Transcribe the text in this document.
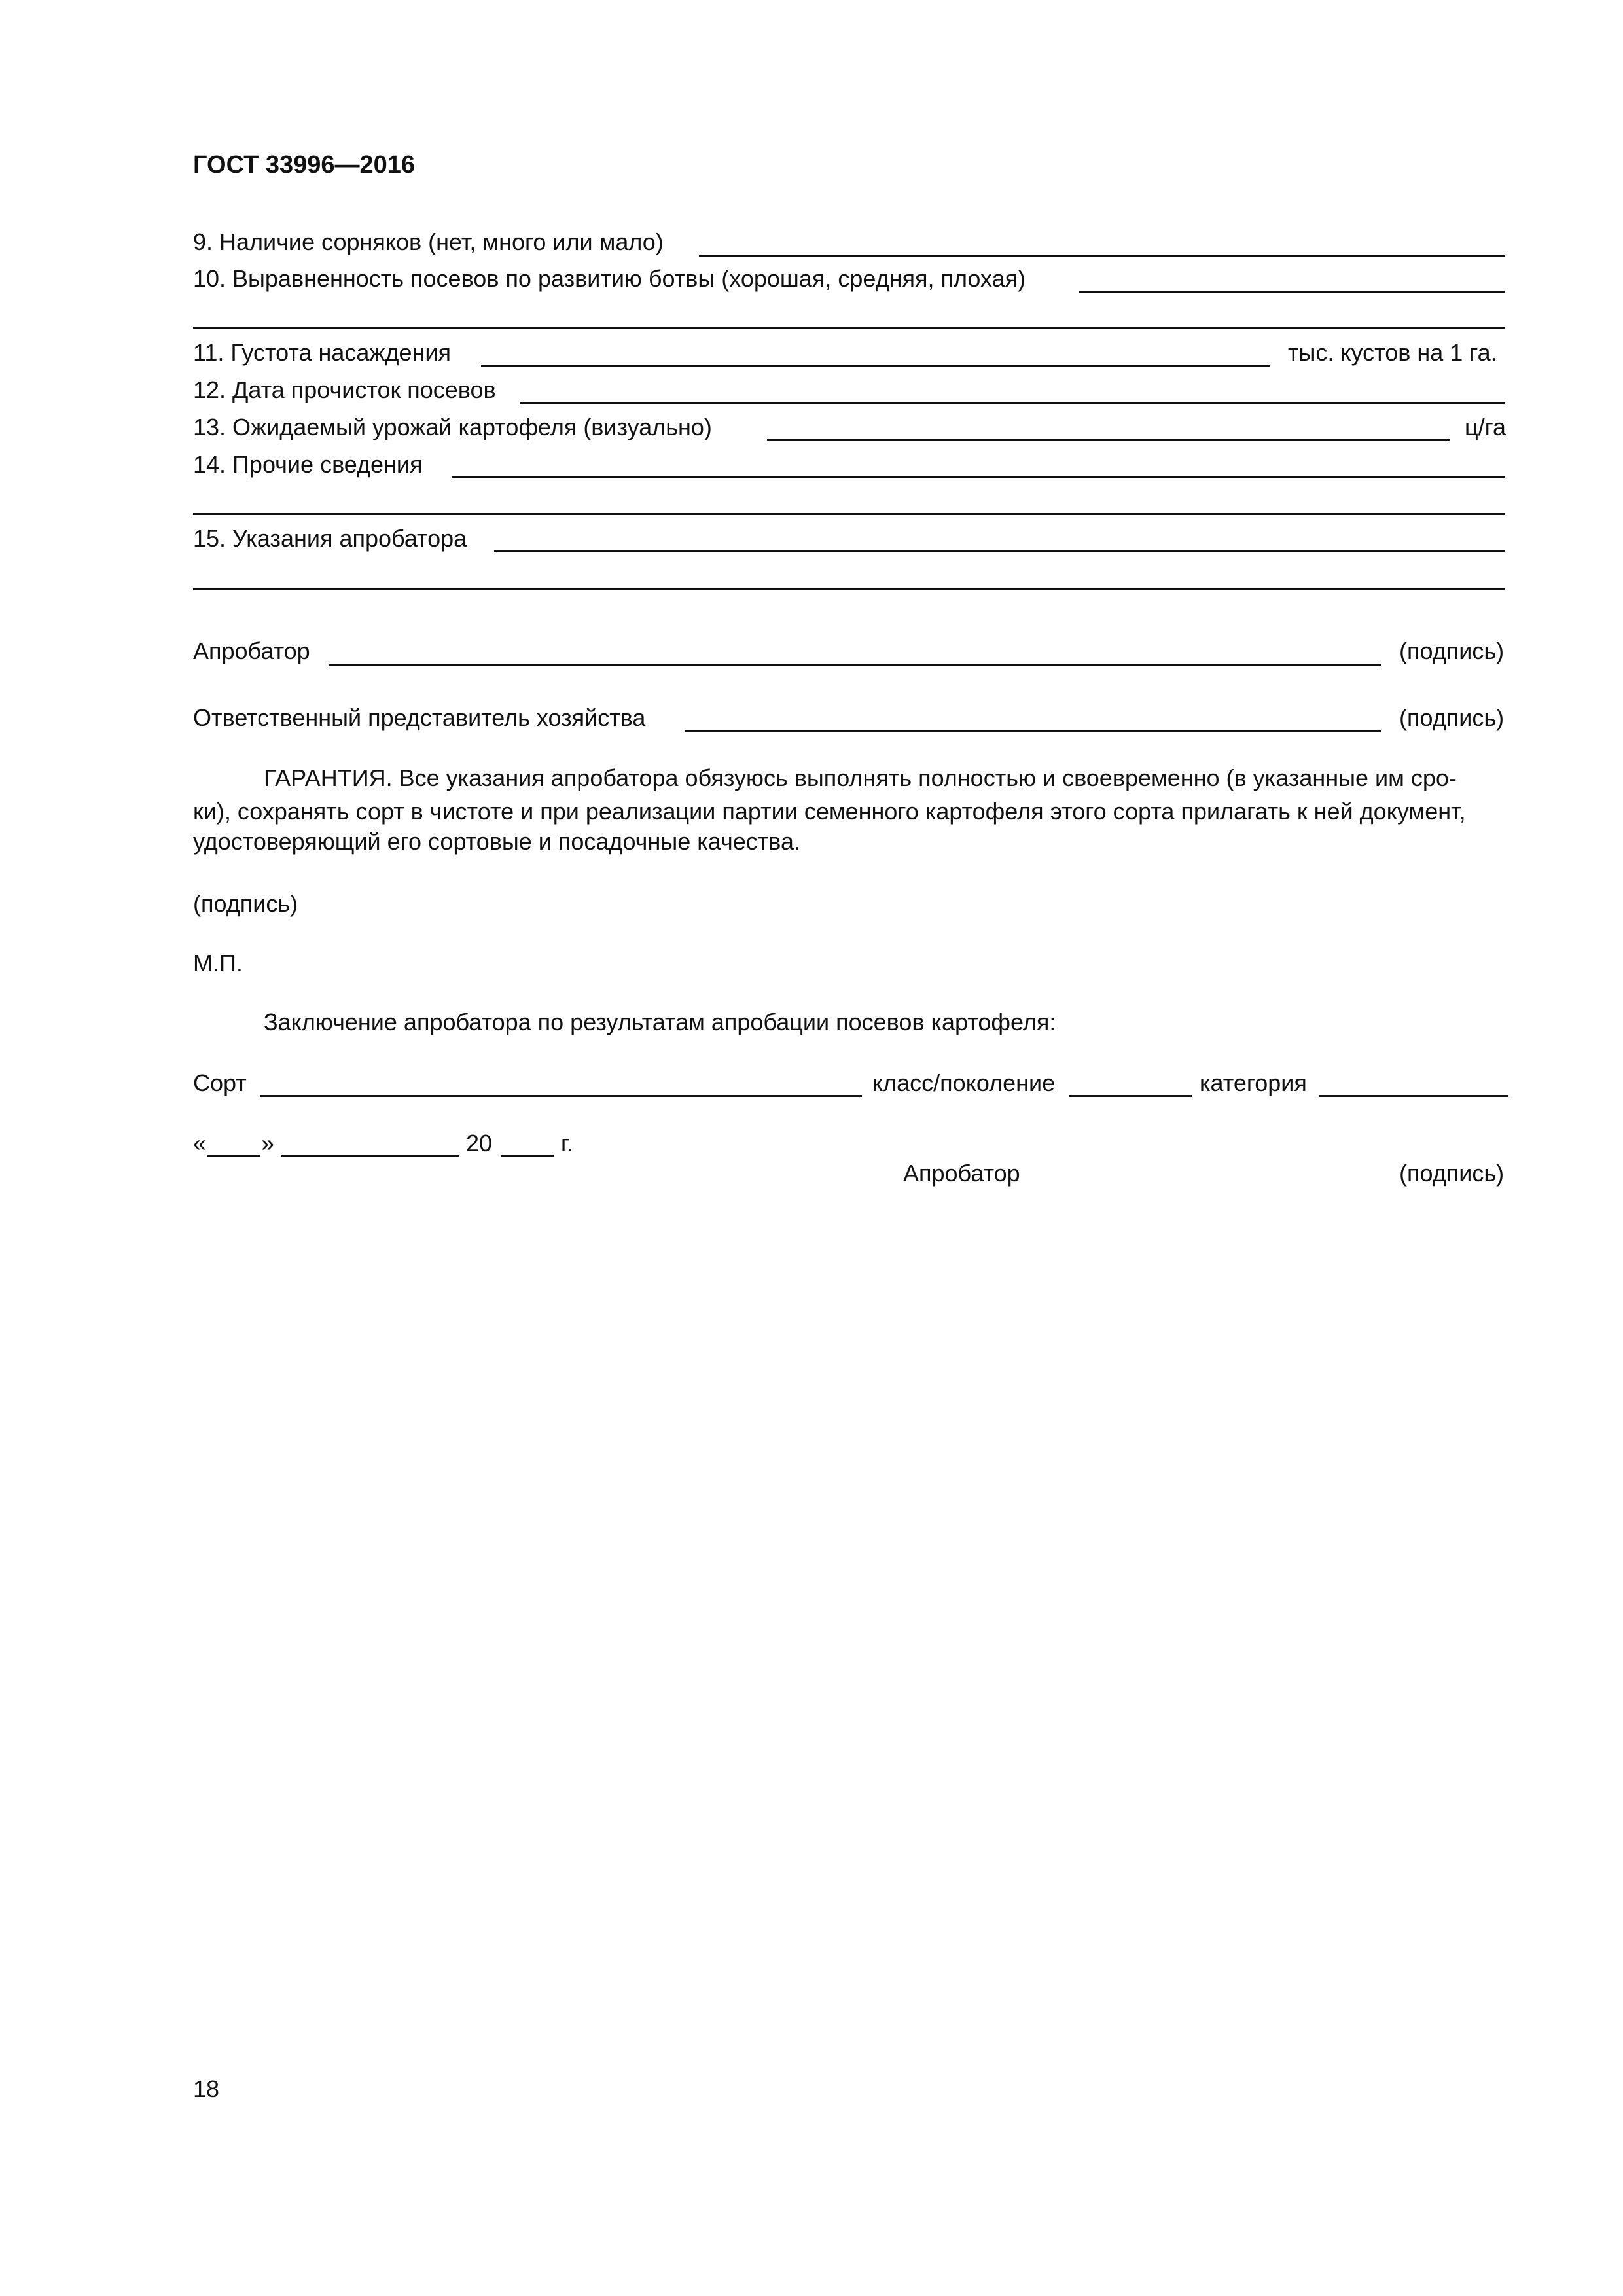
ГОСТ 33996—2016
9. Наличие сорняков (нет, много или мало)
10. Выравненность посевов по развитию ботвы (хорошая, средняя, плохая)
11. Густота насаждения	тыс. кустов на 1 га.
12. Дата прочисток посевов
13. Ожидаемый урожай картофеля (визуально)	ц/га
14. Прочие сведения
15. Указания апробатора
Апробатор	(подпись)
Ответственный представитель хозяйства	(подпись)
ГАРАНТИЯ. Все указания апробатора обязуюсь выполнять полностью и своевременно (в указанные им сро-
ки), сохранять сорт в чистоте и при реализации партии семенного картофеля этого сорта прилагать к ней документ,
удостоверяющий его сортовые и посадочные качества.
(подпись)
М.П.
Заключение апробатора по результатам апробации посевов картофеля:
Сорт	класс/поколение	категория
« »	20	г.
Апробатор	(подпись)
18
